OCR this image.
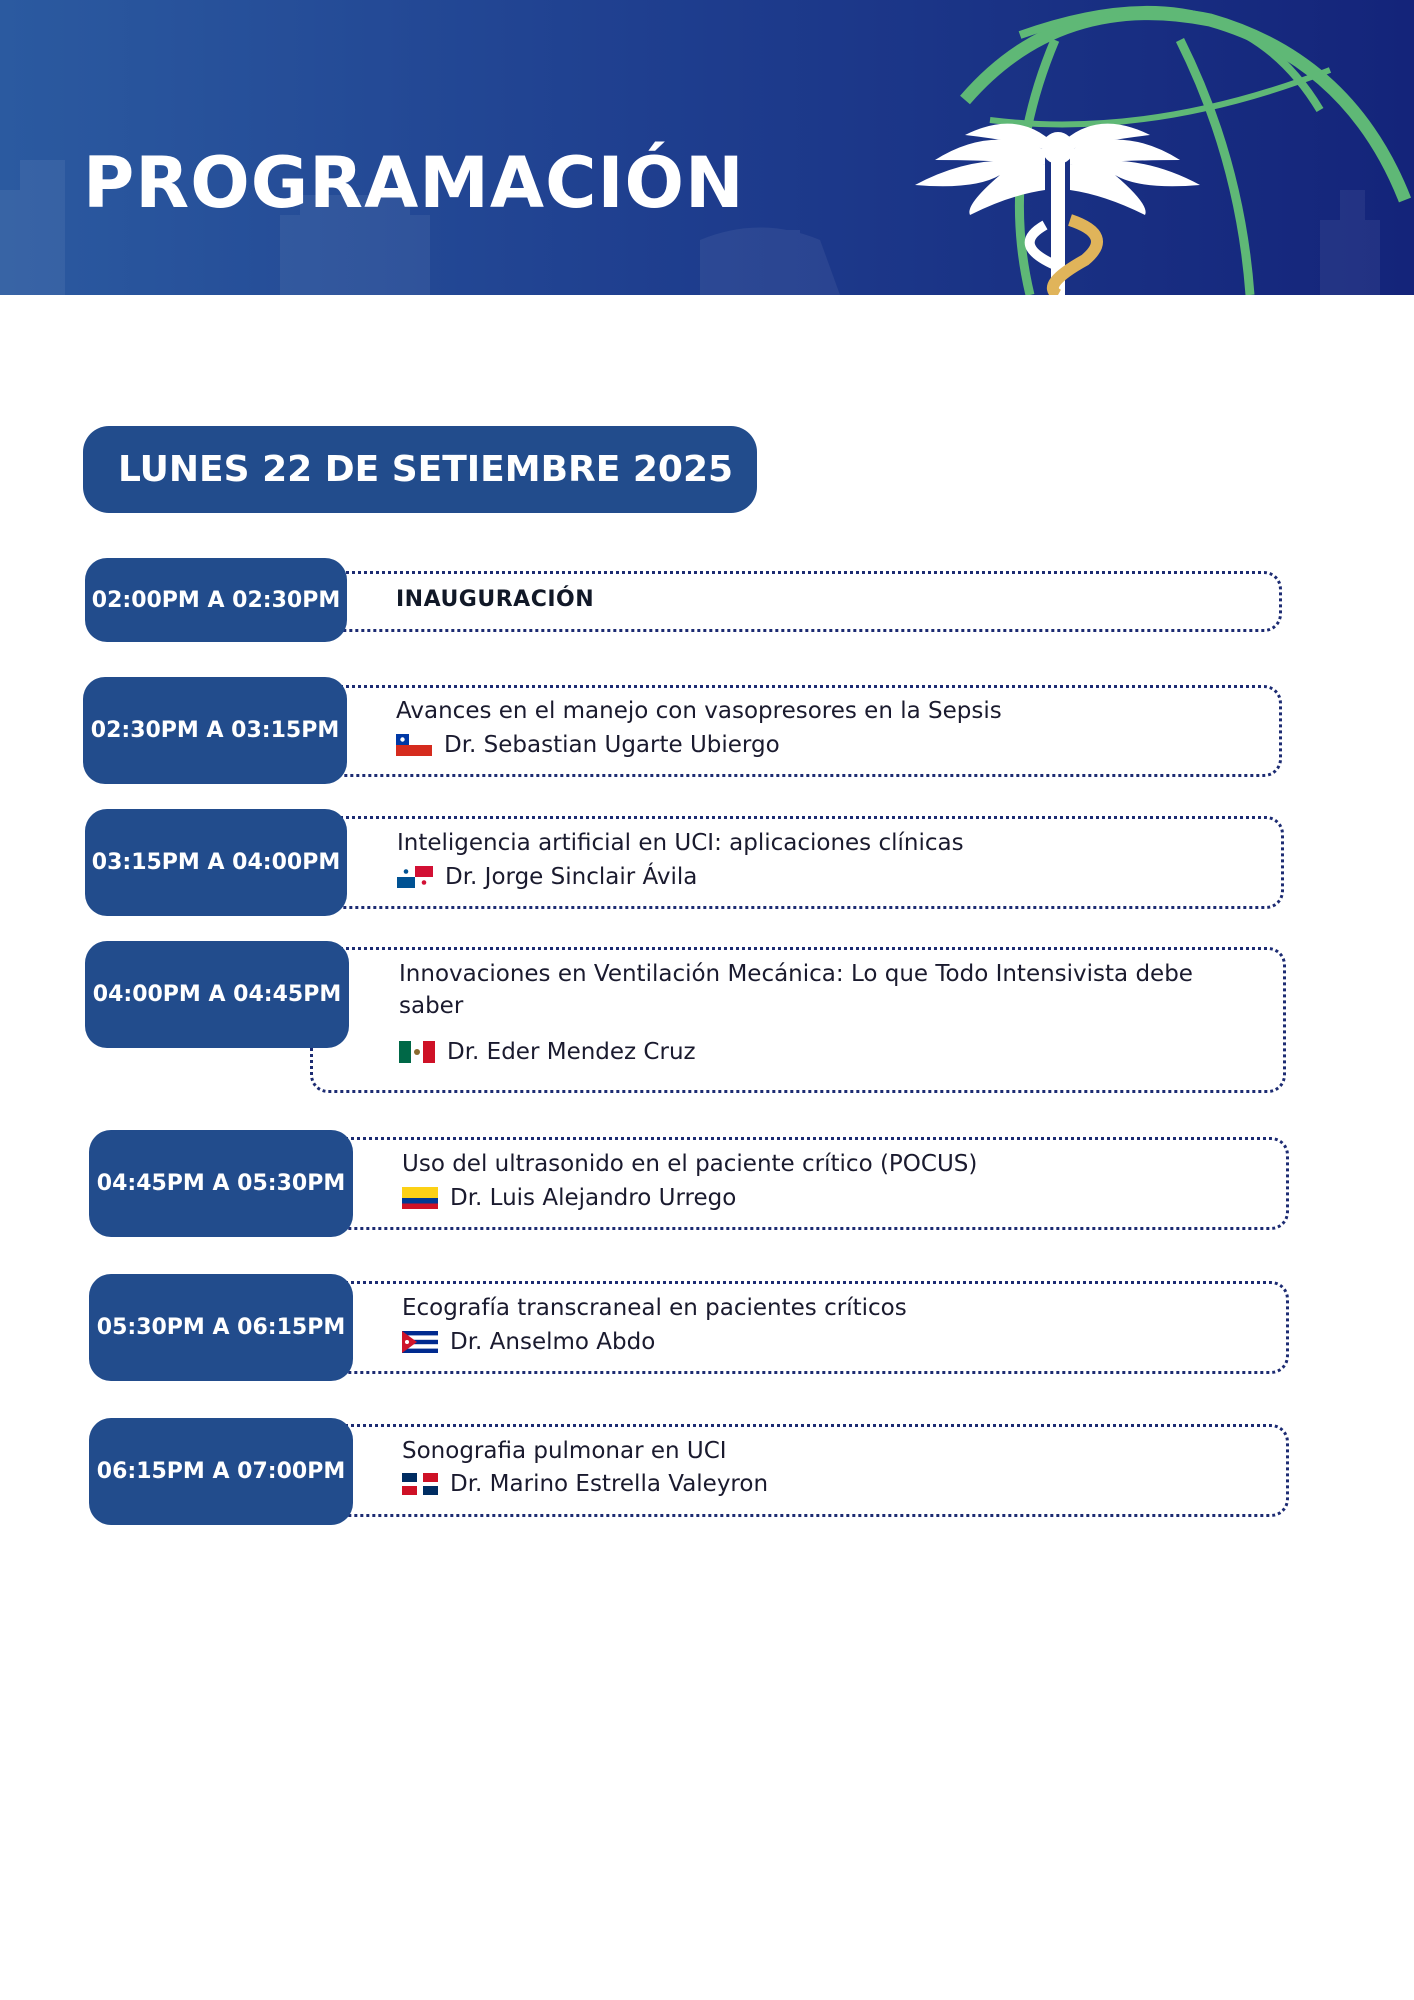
PROGRAMACIÓN
LUNES 22 DE SETIEMBRE 2025
02:00PM A 02:30PM	INAUGURACIÓN
02:30PM A 03:15PM
Avances en el manejo con vasopresores en la Sepsis
Dr. Sebastian Ugarte Ubiergo
03:15PM A 04:00PM
Inteligencia artificial en UCI: aplicaciones clínicas
Dr. Jorge Sinclair Ávila
04:00PM A 04:45PM
Innovaciones en Ventilación Mecánica: Lo que Todo Intensivista debe saber
Dr. Eder Mendez Cruz
04:45PM A 05:30PM
Uso del ultrasonido en el paciente crítico (POCUS)
Dr. Luis Alejandro Urrego
05:30PM A 06:15PM
Ecografía transcraneal en pacientes críticos
Dr. Anselmo Abdo
06:15PM A 07:00PM
Sonografia pulmonar en UCI
Dr. Marino Estrella Valeyron
